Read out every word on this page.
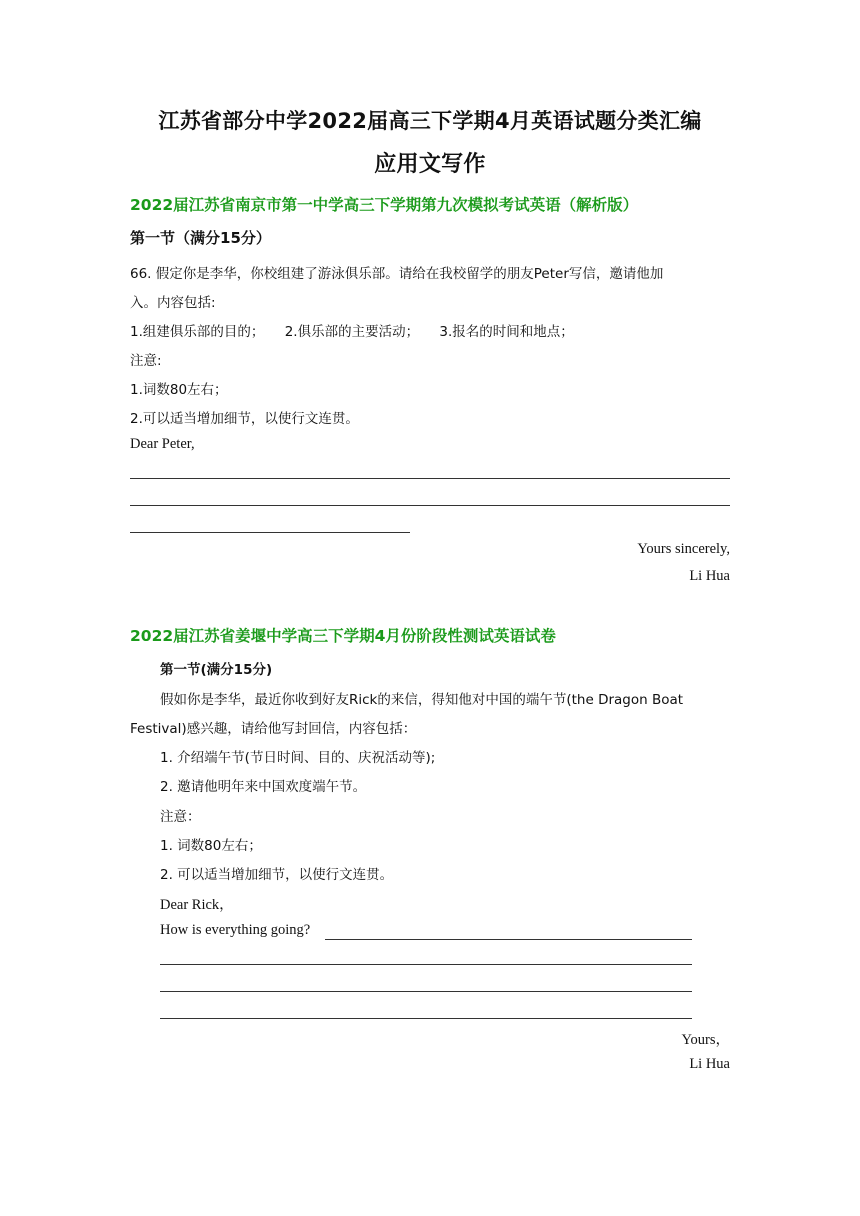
江苏省部分中学2022届高三下学期4月英语试题分类汇编
应用文写作
2022届江苏省南京市第一中学高三下学期第九次模拟考试英语（解析版）
第一节（满分15分）
66. 假定你是李华，你校组建了游泳俱乐部。请给在我校留学的朋友Peter写信，邀请他加
入。内容包括:
1.组建俱乐部的目的； 2.俱乐部的主要活动； 3.报名的时间和地点；
注意:
1.词数80左右；
2.可以适当增加细节，以使行文连贯。
Dear Peter,
Yours sincerely,
Li Hua
2022届江苏省姜堰中学高三下学期4月份阶段性测试英语试卷
第一节(满分15分)
假如你是李华，最近你收到好友Rick的来信，得知他对中国的端午节(the Dragon Boat
Festival)感兴趣，请给他写封回信，内容包括：
1. 介绍端午节(节日时间、目的、庆祝活动等);
2. 邀请他明年来中国欢度端午节。
注意：
1. 词数80左右；
2. 可以适当增加细节，以使行文连贯。
Dear Rick，
How is everything going?
Yours，
Li Hua
